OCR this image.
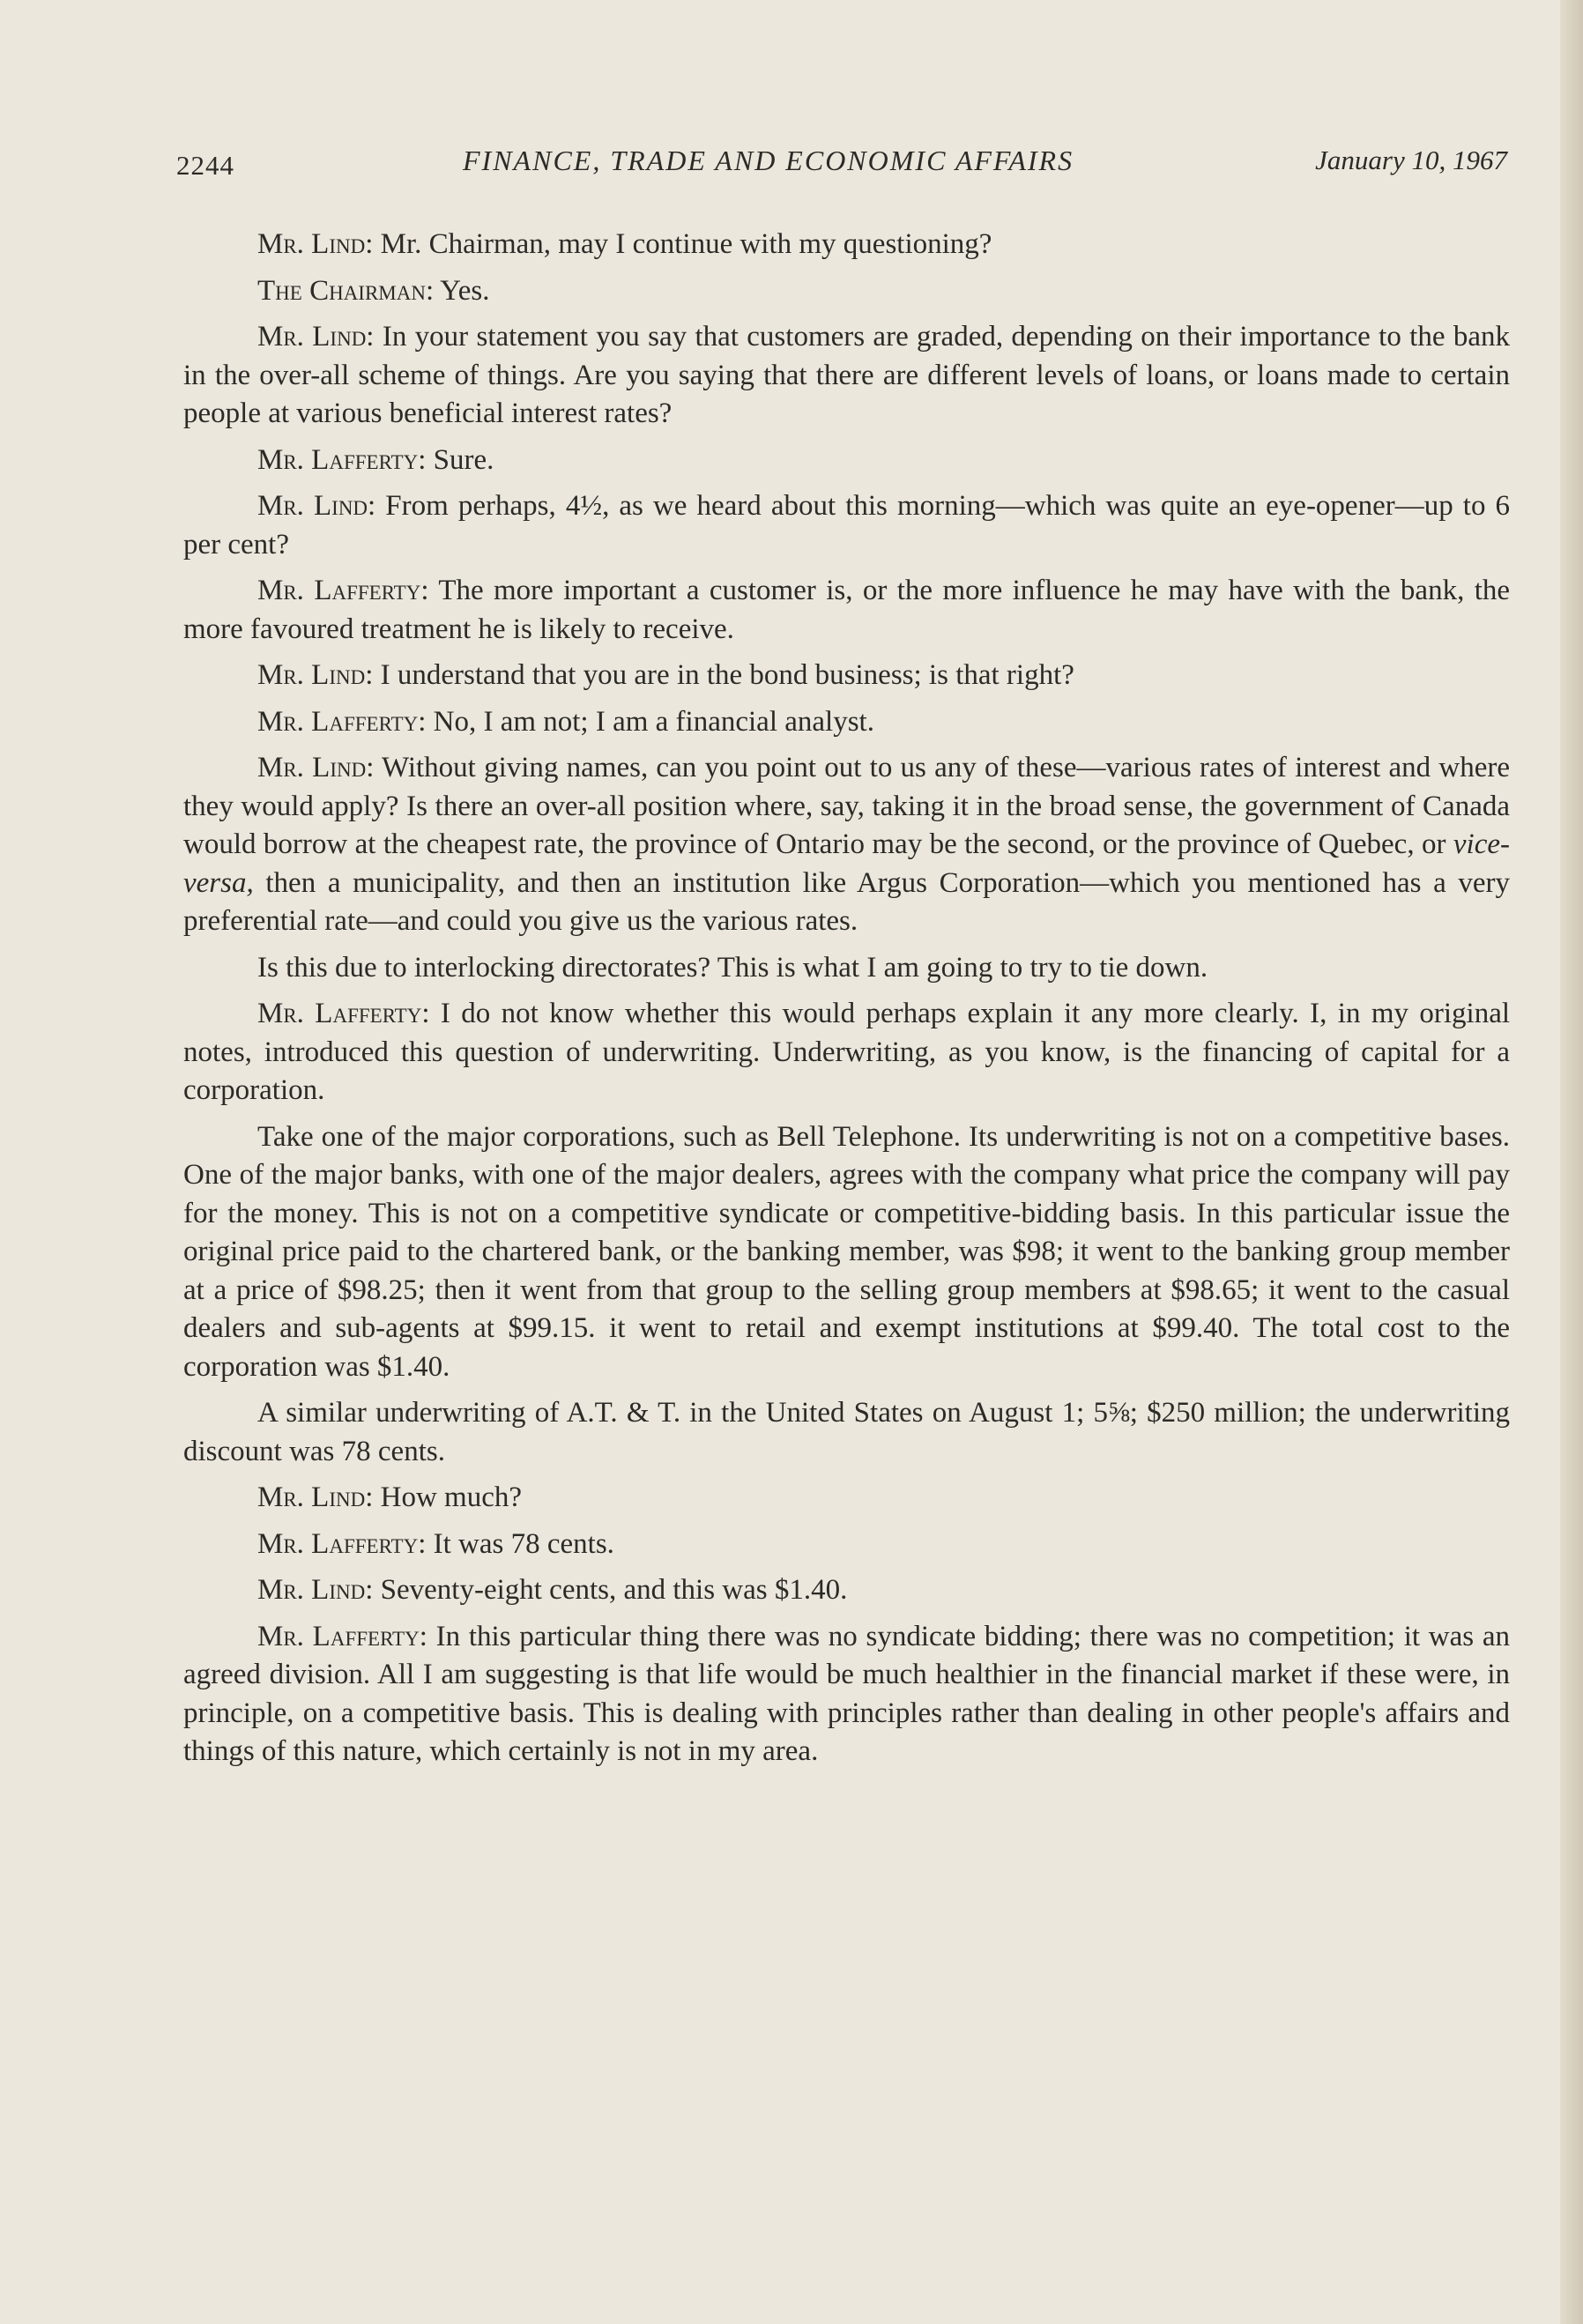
2244	FINANCE, TRADE AND ECONOMIC AFFAIRS	January 10, 1967

Mr. Lind: Mr. Chairman, may I continue with my questioning?

The Chairman: Yes.

Mr. Lind: In your statement you say that customers are graded, depending on their importance to the bank in the over-all scheme of things. Are you saying that there are different levels of loans, or loans made to certain people at various beneficial interest rates?

Mr. Lafferty: Sure.

Mr. Lind: From perhaps, 4½, as we heard about this morning—which was quite an eye-opener—up to 6 per cent?

Mr. Lafferty: The more important a customer is, or the more influence he may have with the bank, the more favoured treatment he is likely to receive.

Mr. Lind: I understand that you are in the bond business; is that right?

Mr. Lafferty: No, I am not; I am a financial analyst.

Mr. Lind: Without giving names, can you point out to us any of these—various rates of interest and where they would apply? Is there an over-all position where, say, taking it in the broad sense, the government of Canada would borrow at the cheapest rate, the province of Ontario may be the second, or the province of Quebec, or vice-versa, then a municipality, and then an institution like Argus Corporation—which you mentioned has a very preferential rate—and could you give us the various rates.

Is this due to interlocking directorates? This is what I am going to try to tie down.

Mr. Lafferty: I do not know whether this would perhaps explain it any more clearly. I, in my original notes, introduced this question of underwriting. Underwriting, as you know, is the financing of capital for a corporation.

Take one of the major corporations, such as Bell Telephone. Its underwriting is not on a competitive bases. One of the major banks, with one of the major dealers, agrees with the company what price the company will pay for the money. This is not on a competitive syndicate or competitive-bidding basis. In this particular issue the original price paid to the chartered bank, or the banking member, was $98; it went to the banking group member at a price of $98.25; then it went from that group to the selling group members at $98.65; it went to the casual dealers and sub-agents at $99.15. it went to retail and exempt institutions at $99.40. The total cost to the corporation was $1.40.

A similar underwriting of A.T. & T. in the United States on August 1; 5⅝; $250 million; the underwriting discount was 78 cents.

Mr. Lind: How much?

Mr. Lafferty: It was 78 cents.

Mr. Lind: Seventy-eight cents, and this was $1.40.

Mr. Lafferty: In this particular thing there was no syndicate bidding; there was no competition; it was an agreed division. All I am suggesting is that life would be much healthier in the financial market if these were, in principle, on a competitive basis. This is dealing with principles rather than dealing in other people's affairs and things of this nature, which certainly is not in my area.
